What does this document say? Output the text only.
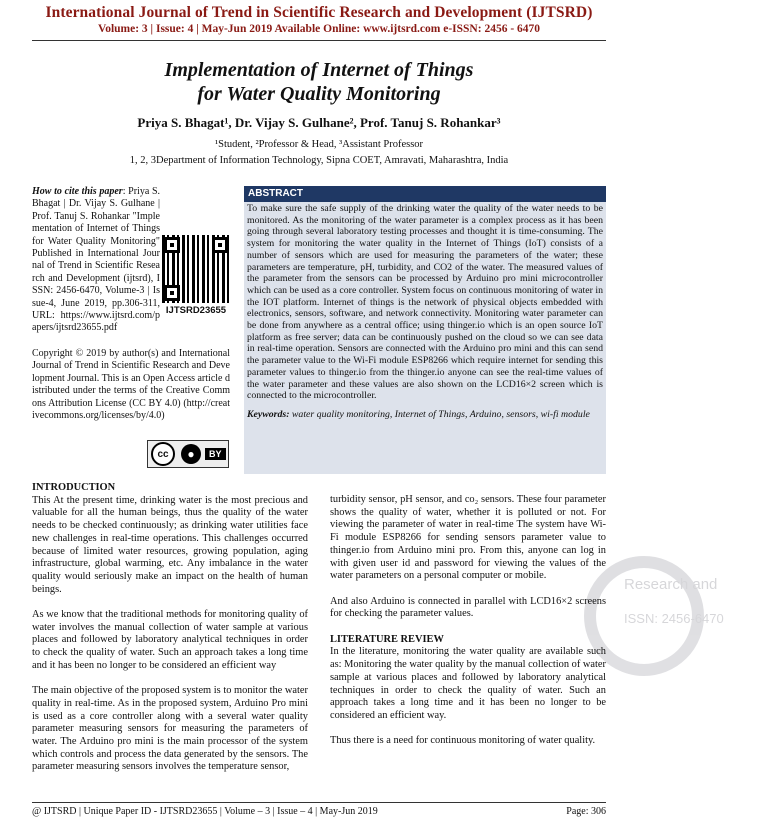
International Journal of Trend in Scientific Research and Development (IJTSRD)
Volume: 3 | Issue: 4 | May-Jun 2019 Available Online: www.ijtsrd.com e-ISSN: 2456 - 6470
Implementation of Internet of Things
for Water Quality Monitoring
Priya S. Bhagat¹, Dr. Vijay S. Gulhane², Prof. Tanuj S. Rohankar³
¹Student, ²Professor & Head, ³Assistant Professor
1, 2, 3Department of Information Technology, Sipna COET, Amravati, Maharashtra, India

How to cite this paper: Priya S. Bhagat | Dr. Vijay S. Gulhane | Prof. Tanuj S. Rohankar "Implementation of Internet of Things for Water Quality Monitoring" Published in International Journal of Trend in Scientific Research and Development (ijtsrd), ISSN: 2456-6470, Volume-3 | Issue-4, June 2019, pp.306-311, URL: https://www.ijtsrd.com/papers/ijtsrd23655.pdf

IJTSRD23655

Copyright © 2019 by author(s) and International Journal of Trend in Scientific Research and Development Journal. This is an Open Access article distributed under the terms of the Creative Commons Attribution License (CC BY 4.0) (http://creativecommons.org/licenses/by/4.0)

cc	●	BY
ABSTRACT
To make sure the safe supply of the drinking water the quality of the water needs to be monitored. As the monitoring of the water parameter is a complex process as it has been going through several laboratory testing processes and thought it is time-consuming. The system for monitoring the water quality in the Internet of Things (IoT) consists of a number of sensors which are used for measuring the parameters of the water; these parameters are temperature, pH, turbidity, and CO2 of the water. The measured values of the parameter from the sensors can be processed by Arduino pro mini microcontroller which can be used as a core controller. System focus on continuous monitoring of water in the IOT platform. Internet of things is the network of physical objects embedded with electronics, sensors, software, and network connectivity. Monitoring water parameter can be done from anywhere as a central office; using thinger.io which is an open source IoT platform as free server; data can be continuously pushed on the cloud so we can see data in real-time operation. Sensors are connected with the Arduino pro mini and this can send the parameter value to the Wi-Fi module ESP8266 which require internet for sending this parameter values to thinger.io from the thinger.io anyone can see the real-time values of the water parameter and these values are also shown on the LCD16×2 screen which is connected to the microcontroller.
Keywords: water quality monitoring, Internet of Things, Arduino, sensors, wi-fi module
Research and
ISSN: 2456-6470
INTRODUCTION

This At the present time, drinking water is the most precious and valuable for all the human beings, thus the quality of the water needs to be checked continuously; as drinking water utilities face new challenges in real-time operations. This challenges occurred because of limited water resources, growing population, aging infrastructure, global warming, etc. Any imbalance in the water quality would seriously make an impact on the health of human beings.

As we know that the traditional methods for monitoring quality of water involves the manual collection of water sample at various places and followed by laboratory analytical techniques in order to check the quality of water. Such an approach takes a long time and it has been no longer to be considered an efficient way

The main objective of the proposed system is to monitor the water quality in real-time. As in the proposed system, Arduino Pro mini is used as a core controller along with a several water quality parameter measuring sensors for measuring the parameters of water. The Arduino pro mini is the main processor of the system which controls and process the data generated by the sensors. The parameter measuring sensors involves the temperature sensor,

turbidity sensor, pH sensor, and co₂ sensors. These four parameter shows the quality of water, whether it is polluted or not. For viewing the parameter of water in real-time The system have Wi-Fi module ESP8266 for sending sensors parameter value to thinger.io from Arduino mini pro. From this, anyone can log in with given user id and password for viewing the values of the water parameters on a personal computer or mobile.

And also Arduino is connected in parallel with LCD16×2 screens for checking the parameter values.

LITERATURE REVIEW

In the literature, monitoring the water quality are available such as: Monitoring the water quality by the manual collection of water sample at various places and followed by laboratory analytical techniques in order to check the quality of water. Such an approach takes a long time and it has been no longer to be considered an efficient way.

Thus there is a need for continuous monitoring of water quality.

@ IJTSRD | Unique Paper ID - IJTSRD23655 | Volume – 3 | Issue – 4 | May-Jun 2019	Page: 306
